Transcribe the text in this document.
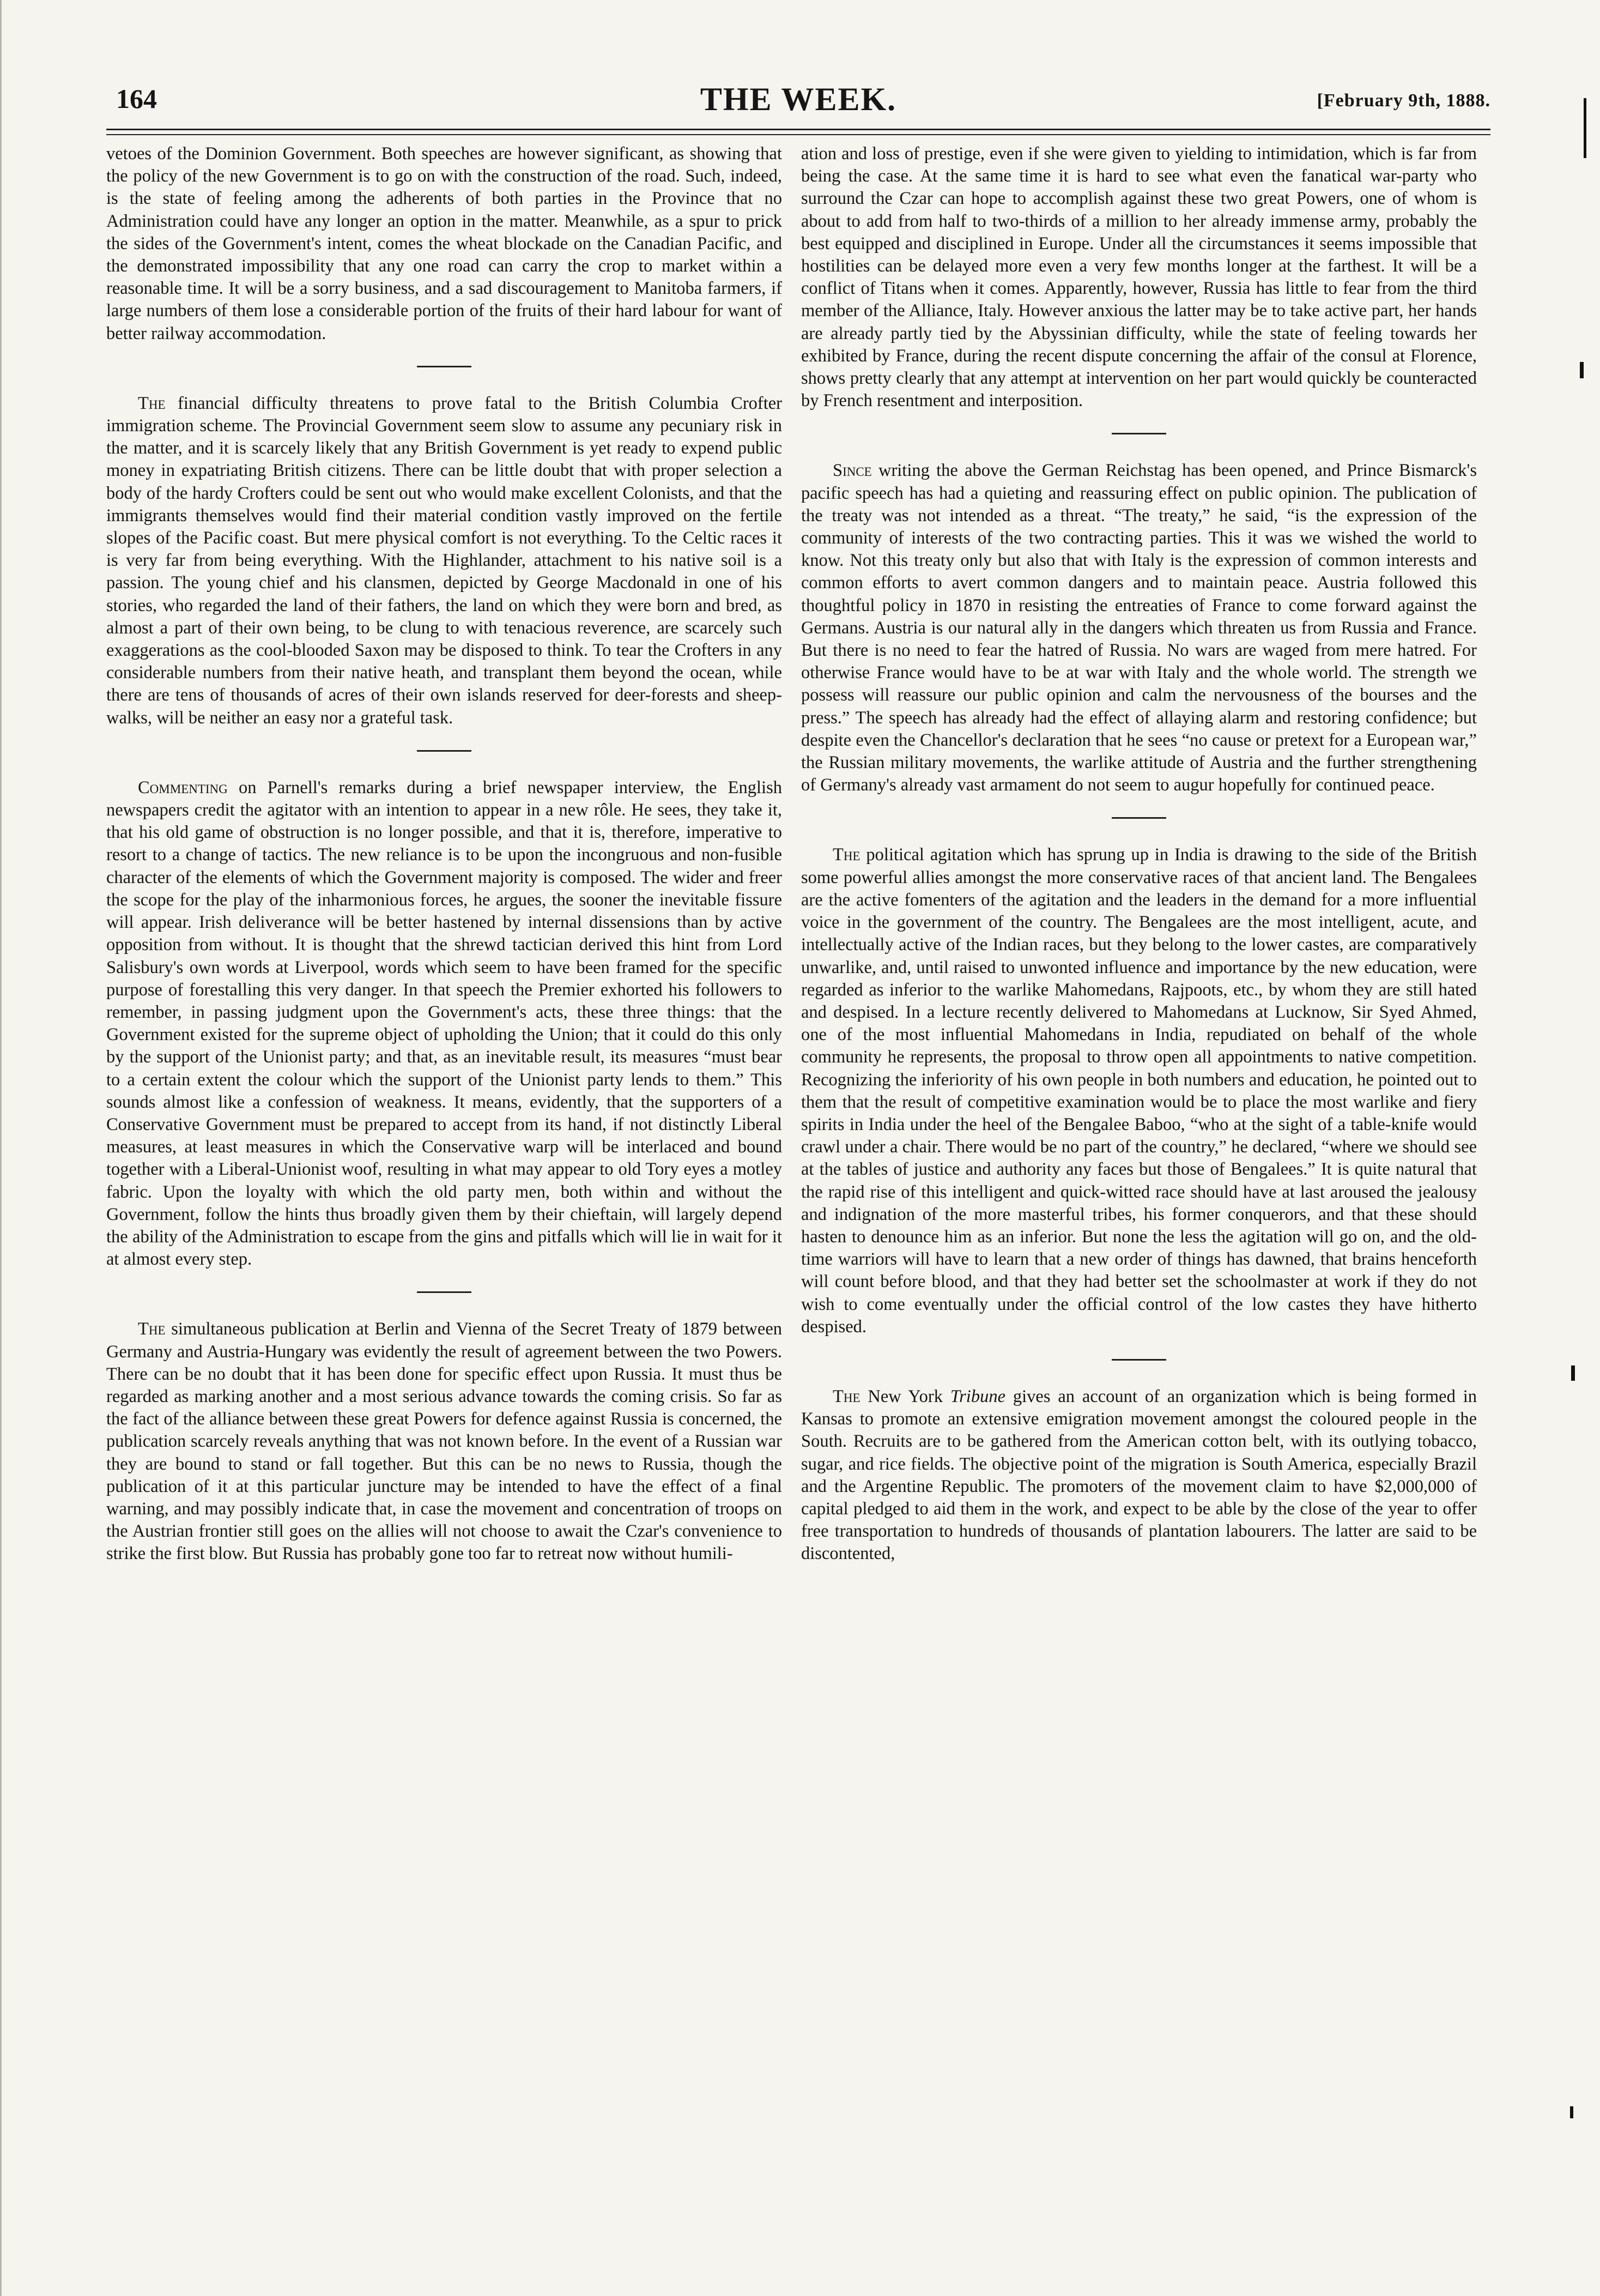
164	THE WEEK.	[February 9th, 1888.

vetoes of the Dominion Government. Both speeches are however significant, as showing that the policy of the new Government is to go on with the construction of the road. Such, indeed, is the state of feeling among the adherents of both parties in the Province that no Administration could have any longer an option in the matter. Meanwhile, as a spur to prick the sides of the Government's intent, comes the wheat blockade on the Canadian Pacific, and the demonstrated impossibility that any one road can carry the crop to market within a reasonable time. It will be a sorry business, and a sad discouragement to Manitoba farmers, if large numbers of them lose a considerable portion of the fruits of their hard labour for want of better railway accommodation.

The financial difficulty threatens to prove fatal to the British Columbia Crofter immigration scheme. The Provincial Government seem slow to assume any pecuniary risk in the matter, and it is scarcely likely that any British Government is yet ready to expend public money in expatriating British citizens. There can be little doubt that with proper selection a body of the hardy Crofters could be sent out who would make excellent Colonists, and that the immigrants themselves would find their material condition vastly improved on the fertile slopes of the Pacific coast. But mere physical comfort is not everything. To the Celtic races it is very far from being everything. With the Highlander, attachment to his native soil is a passion. The young chief and his clansmen, depicted by George Macdonald in one of his stories, who regarded the land of their fathers, the land on which they were born and bred, as almost a part of their own being, to be clung to with tenacious reverence, are scarcely such exaggerations as the cool-blooded Saxon may be disposed to think. To tear the Crofters in any considerable numbers from their native heath, and transplant them beyond the ocean, while there are tens of thousands of acres of their own islands reserved for deer-forests and sheep-walks, will be neither an easy nor a grateful task.

Commenting on Parnell's remarks during a brief newspaper interview, the English newspapers credit the agitator with an intention to appear in a new rôle. He sees, they take it, that his old game of obstruction is no longer possible, and that it is, therefore, imperative to resort to a change of tactics. The new reliance is to be upon the incongruous and non-fusible character of the elements of which the Government majority is composed. The wider and freer the scope for the play of the inharmonious forces, he argues, the sooner the inevitable fissure will appear. Irish deliverance will be better hastened by internal dissensions than by active opposition from without. It is thought that the shrewd tactician derived this hint from Lord Salisbury's own words at Liverpool, words which seem to have been framed for the specific purpose of forestalling this very danger. In that speech the Premier exhorted his followers to remember, in passing judgment upon the Government's acts, these three things: that the Government existed for the supreme object of upholding the Union; that it could do this only by the support of the Unionist party; and that, as an inevitable result, its measures “must bear to a certain extent the colour which the support of the Unionist party lends to them.” This sounds almost like a confession of weakness. It means, evidently, that the supporters of a Conservative Government must be prepared to accept from its hand, if not distinctly Liberal measures, at least measures in which the Conservative warp will be interlaced and bound together with a Liberal-Unionist woof, resulting in what may appear to old Tory eyes a motley fabric. Upon the loyalty with which the old party men, both within and without the Government, follow the hints thus broadly given them by their chieftain, will largely depend the ability of the Administration to escape from the gins and pitfalls which will lie in wait for it at almost every step.

The simultaneous publication at Berlin and Vienna of the Secret Treaty of 1879 between Germany and Austria-Hungary was evidently the result of agreement between the two Powers. There can be no doubt that it has been done for specific effect upon Russia. It must thus be regarded as marking another and a most serious advance towards the coming crisis. So far as the fact of the alliance between these great Powers for defence against Russia is concerned, the publication scarcely reveals anything that was not known before. In the event of a Russian war they are bound to stand or fall together. But this can be no news to Russia, though the publication of it at this particular juncture may be intended to have the effect of a final warning, and may possibly indicate that, in case the movement and concentration of troops on the Austrian frontier still goes on the allies will not choose to await the Czar's convenience to strike the first blow. But Russia has probably gone too far to retreat now without humili-

ation and loss of prestige, even if she were given to yielding to intimidation, which is far from being the case. At the same time it is hard to see what even the fanatical war-party who surround the Czar can hope to accomplish against these two great Powers, one of whom is about to add from half to two-thirds of a million to her already immense army, probably the best equipped and disciplined in Europe. Under all the circumstances it seems impossible that hostilities can be delayed more even a very few months longer at the farthest. It will be a conflict of Titans when it comes. Apparently, however, Russia has little to fear from the third member of the Alliance, Italy. However anxious the latter may be to take active part, her hands are already partly tied by the Abyssinian difficulty, while the state of feeling towards her exhibited by France, during the recent dispute concerning the affair of the consul at Florence, shows pretty clearly that any attempt at intervention on her part would quickly be counteracted by French resentment and interposition.

Since writing the above the German Reichstag has been opened, and Prince Bismarck's pacific speech has had a quieting and reassuring effect on public opinion. The publication of the treaty was not intended as a threat. “The treaty,” he said, “is the expression of the community of interests of the two contracting parties. This it was we wished the world to know. Not this treaty only but also that with Italy is the expression of common interests and common efforts to avert common dangers and to maintain peace. Austria followed this thoughtful policy in 1870 in resisting the entreaties of France to come forward against the Germans. Austria is our natural ally in the dangers which threaten us from Russia and France. But there is no need to fear the hatred of Russia. No wars are waged from mere hatred. For otherwise France would have to be at war with Italy and the whole world. The strength we possess will reassure our public opinion and calm the nervousness of the bourses and the press.” The speech has already had the effect of allaying alarm and restoring confidence; but despite even the Chancellor's declaration that he sees “no cause or pretext for a European war,” the Russian military movements, the warlike attitude of Austria and the further strengthening of Germany's already vast armament do not seem to augur hopefully for continued peace.

The political agitation which has sprung up in India is drawing to the side of the British some powerful allies amongst the more conservative races of that ancient land. The Bengalees are the active fomenters of the agitation and the leaders in the demand for a more influential voice in the government of the country. The Bengalees are the most intelligent, acute, and intellectually active of the Indian races, but they belong to the lower castes, are comparatively unwarlike, and, until raised to unwonted influence and importance by the new education, were regarded as inferior to the warlike Mahomedans, Rajpoots, etc., by whom they are still hated and despised. In a lecture recently delivered to Mahomedans at Lucknow, Sir Syed Ahmed, one of the most influential Mahomedans in India, repudiated on behalf of the whole community he represents, the proposal to throw open all appointments to native competition. Recognizing the inferiority of his own people in both numbers and education, he pointed out to them that the result of competitive examination would be to place the most warlike and fiery spirits in India under the heel of the Bengalee Baboo, “who at the sight of a table-knife would crawl under a chair. There would be no part of the country,” he declared, “where we should see at the tables of justice and authority any faces but those of Bengalees.” It is quite natural that the rapid rise of this intelligent and quick-witted race should have at last aroused the jealousy and indignation of the more masterful tribes, his former conquerors, and that these should hasten to denounce him as an inferior. But none the less the agitation will go on, and the old-time warriors will have to learn that a new order of things has dawned, that brains henceforth will count before blood, and that they had better set the schoolmaster at work if they do not wish to come eventually under the official control of the low castes they have hitherto despised.

The New York Tribune gives an account of an organization which is being formed in Kansas to promote an extensive emigration movement amongst the coloured people in the South. Recruits are to be gathered from the American cotton belt, with its outlying tobacco, sugar, and rice fields. The objective point of the migration is South America, especially Brazil and the Argentine Republic. The promoters of the movement claim to have $2,000,000 of capital pledged to aid them in the work, and expect to be able by the close of the year to offer free transportation to hundreds of thousands of plantation labourers. The latter are said to be discontented,
